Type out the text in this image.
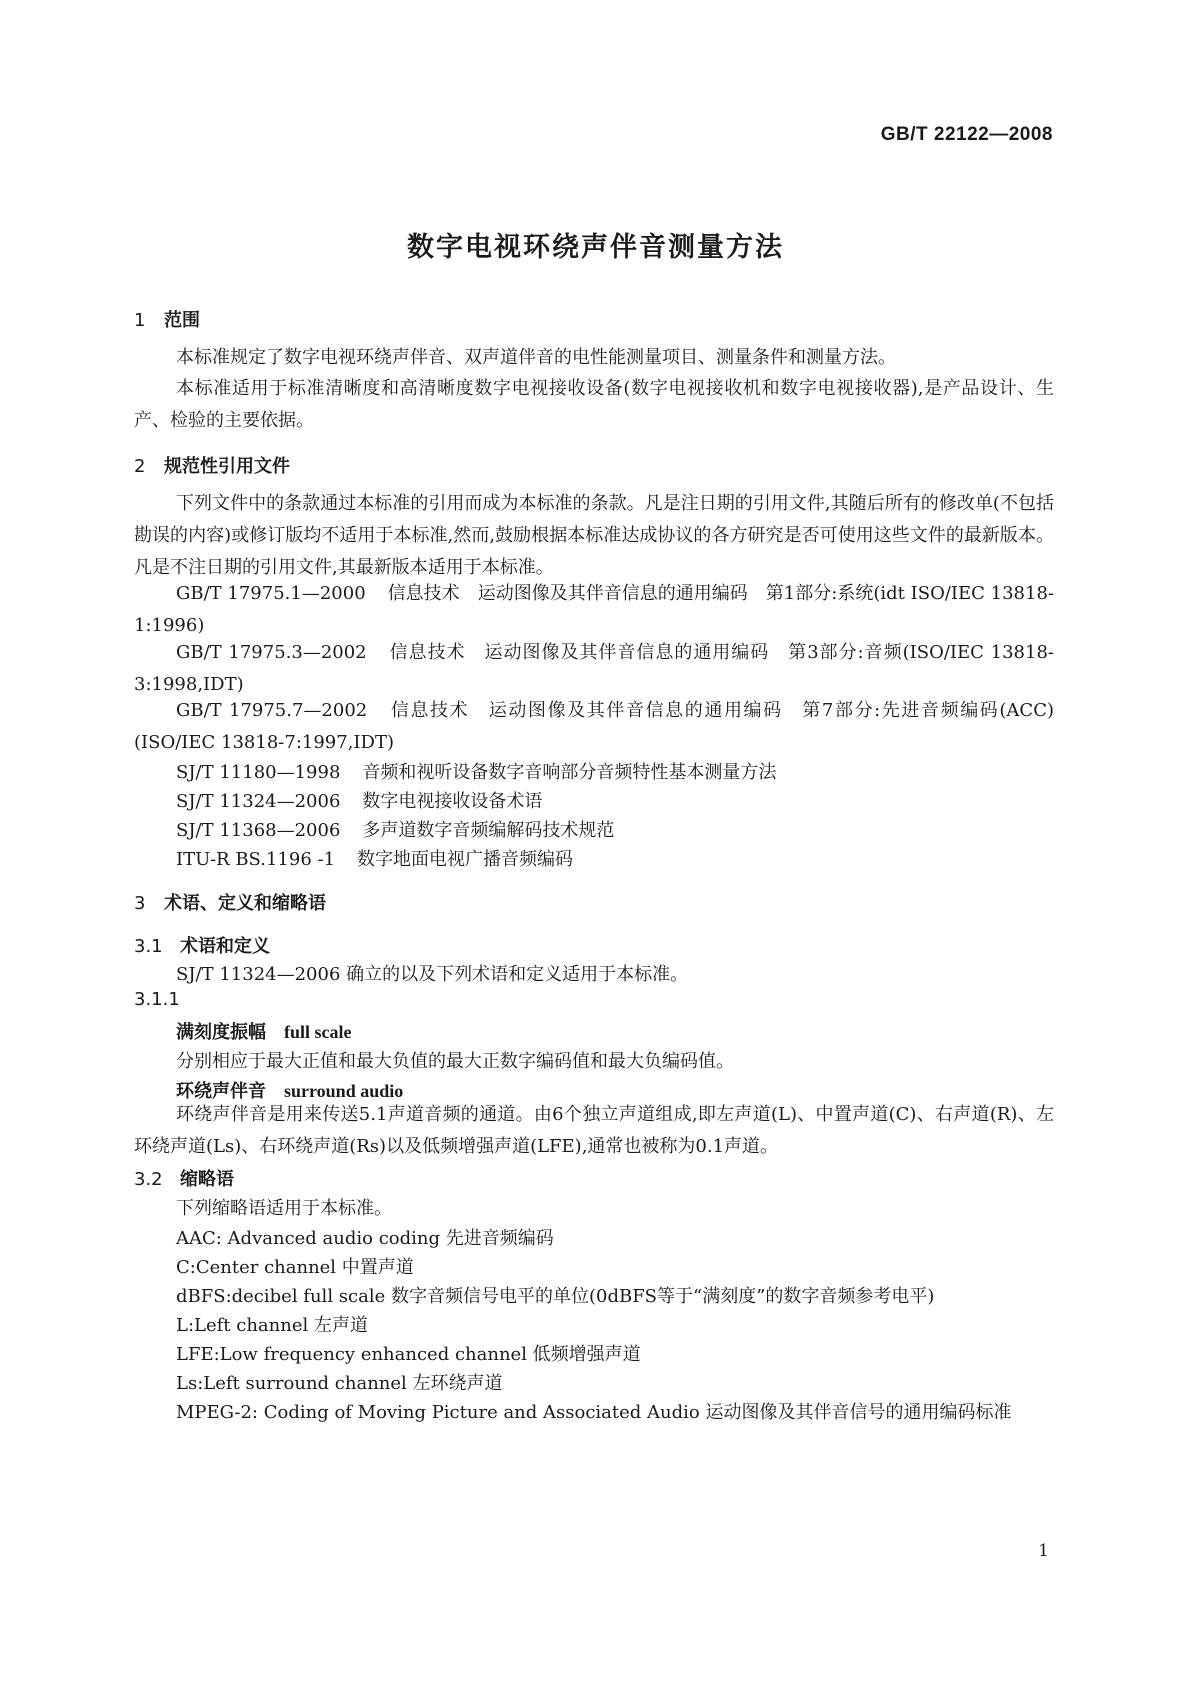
GB/T 22122—2008
数字电视环绕声伴音测量方法
1 范围
本标准规定了数字电视环绕声伴音、双声道伴音的电性能测量项目、测量条件和测量方法。
本标准适用于标准清晰度和高清晰度数字电视接收设备(数字电视接收机和数字电视接收器),是产品设计、生产、检验的主要依据。
2 规范性引用文件
下列文件中的条款通过本标准的引用而成为本标准的条款。凡是注日期的引用文件,其随后所有的修改单(不包括勘误的内容)或修订版均不适用于本标准,然而,鼓励根据本标准达成协议的各方研究是否可使用这些文件的最新版本。凡是不注日期的引用文件,其最新版本适用于本标准。
GB/T 17975.1—2000 信息技术　运动图像及其伴音信息的通用编码　第1部分:系统(idt ISO/IEC 13818-1:1996)
GB/T 17975.3—2002 信息技术　运动图像及其伴音信息的通用编码　第3部分:音频(ISO/IEC 13818-3:1998,IDT)
GB/T 17975.7—2002 信息技术　运动图像及其伴音信息的通用编码　第7部分:先进音频编码(ACC)(ISO/IEC 13818-7:1997,IDT)
SJ/T 11180—1998 音频和视听设备数字音响部分音频特性基本测量方法
SJ/T 11324—2006 数字电视接收设备术语
SJ/T 11368—2006 多声道数字音频编解码技术规范
ITU-R BS.1196 -1 数字地面电视广播音频编码
3 术语、定义和缩略语
3.1 术语和定义
SJ/T 11324—2006 确立的以及下列术语和定义适用于本标准。
3.1.1
满刻度振幅 full scale
分别相应于最大正值和最大负值的最大正数字编码值和最大负编码值。
环绕声伴音 surround audio
环绕声伴音是用来传送5.1声道音频的通道。由6个独立声道组成,即左声道(L)、中置声道(C)、右声道(R)、左环绕声道(Ls)、右环绕声道(Rs)以及低频增强声道(LFE),通常也被称为0.1声道。
3.2 缩略语
下列缩略语适用于本标准。
AAC: Advanced audio coding 先进音频编码
C:Center channel 中置声道
dBFS:decibel full scale 数字音频信号电平的单位(0dBFS等于“满刻度”的数字音频参考电平)
L:Left channel 左声道
LFE:Low frequency enhanced channel 低频增强声道
Ls:Left surround channel 左环绕声道
MPEG-2: Coding of Moving Picture and Associated Audio 运动图像及其伴音信号的通用编码标准
1
